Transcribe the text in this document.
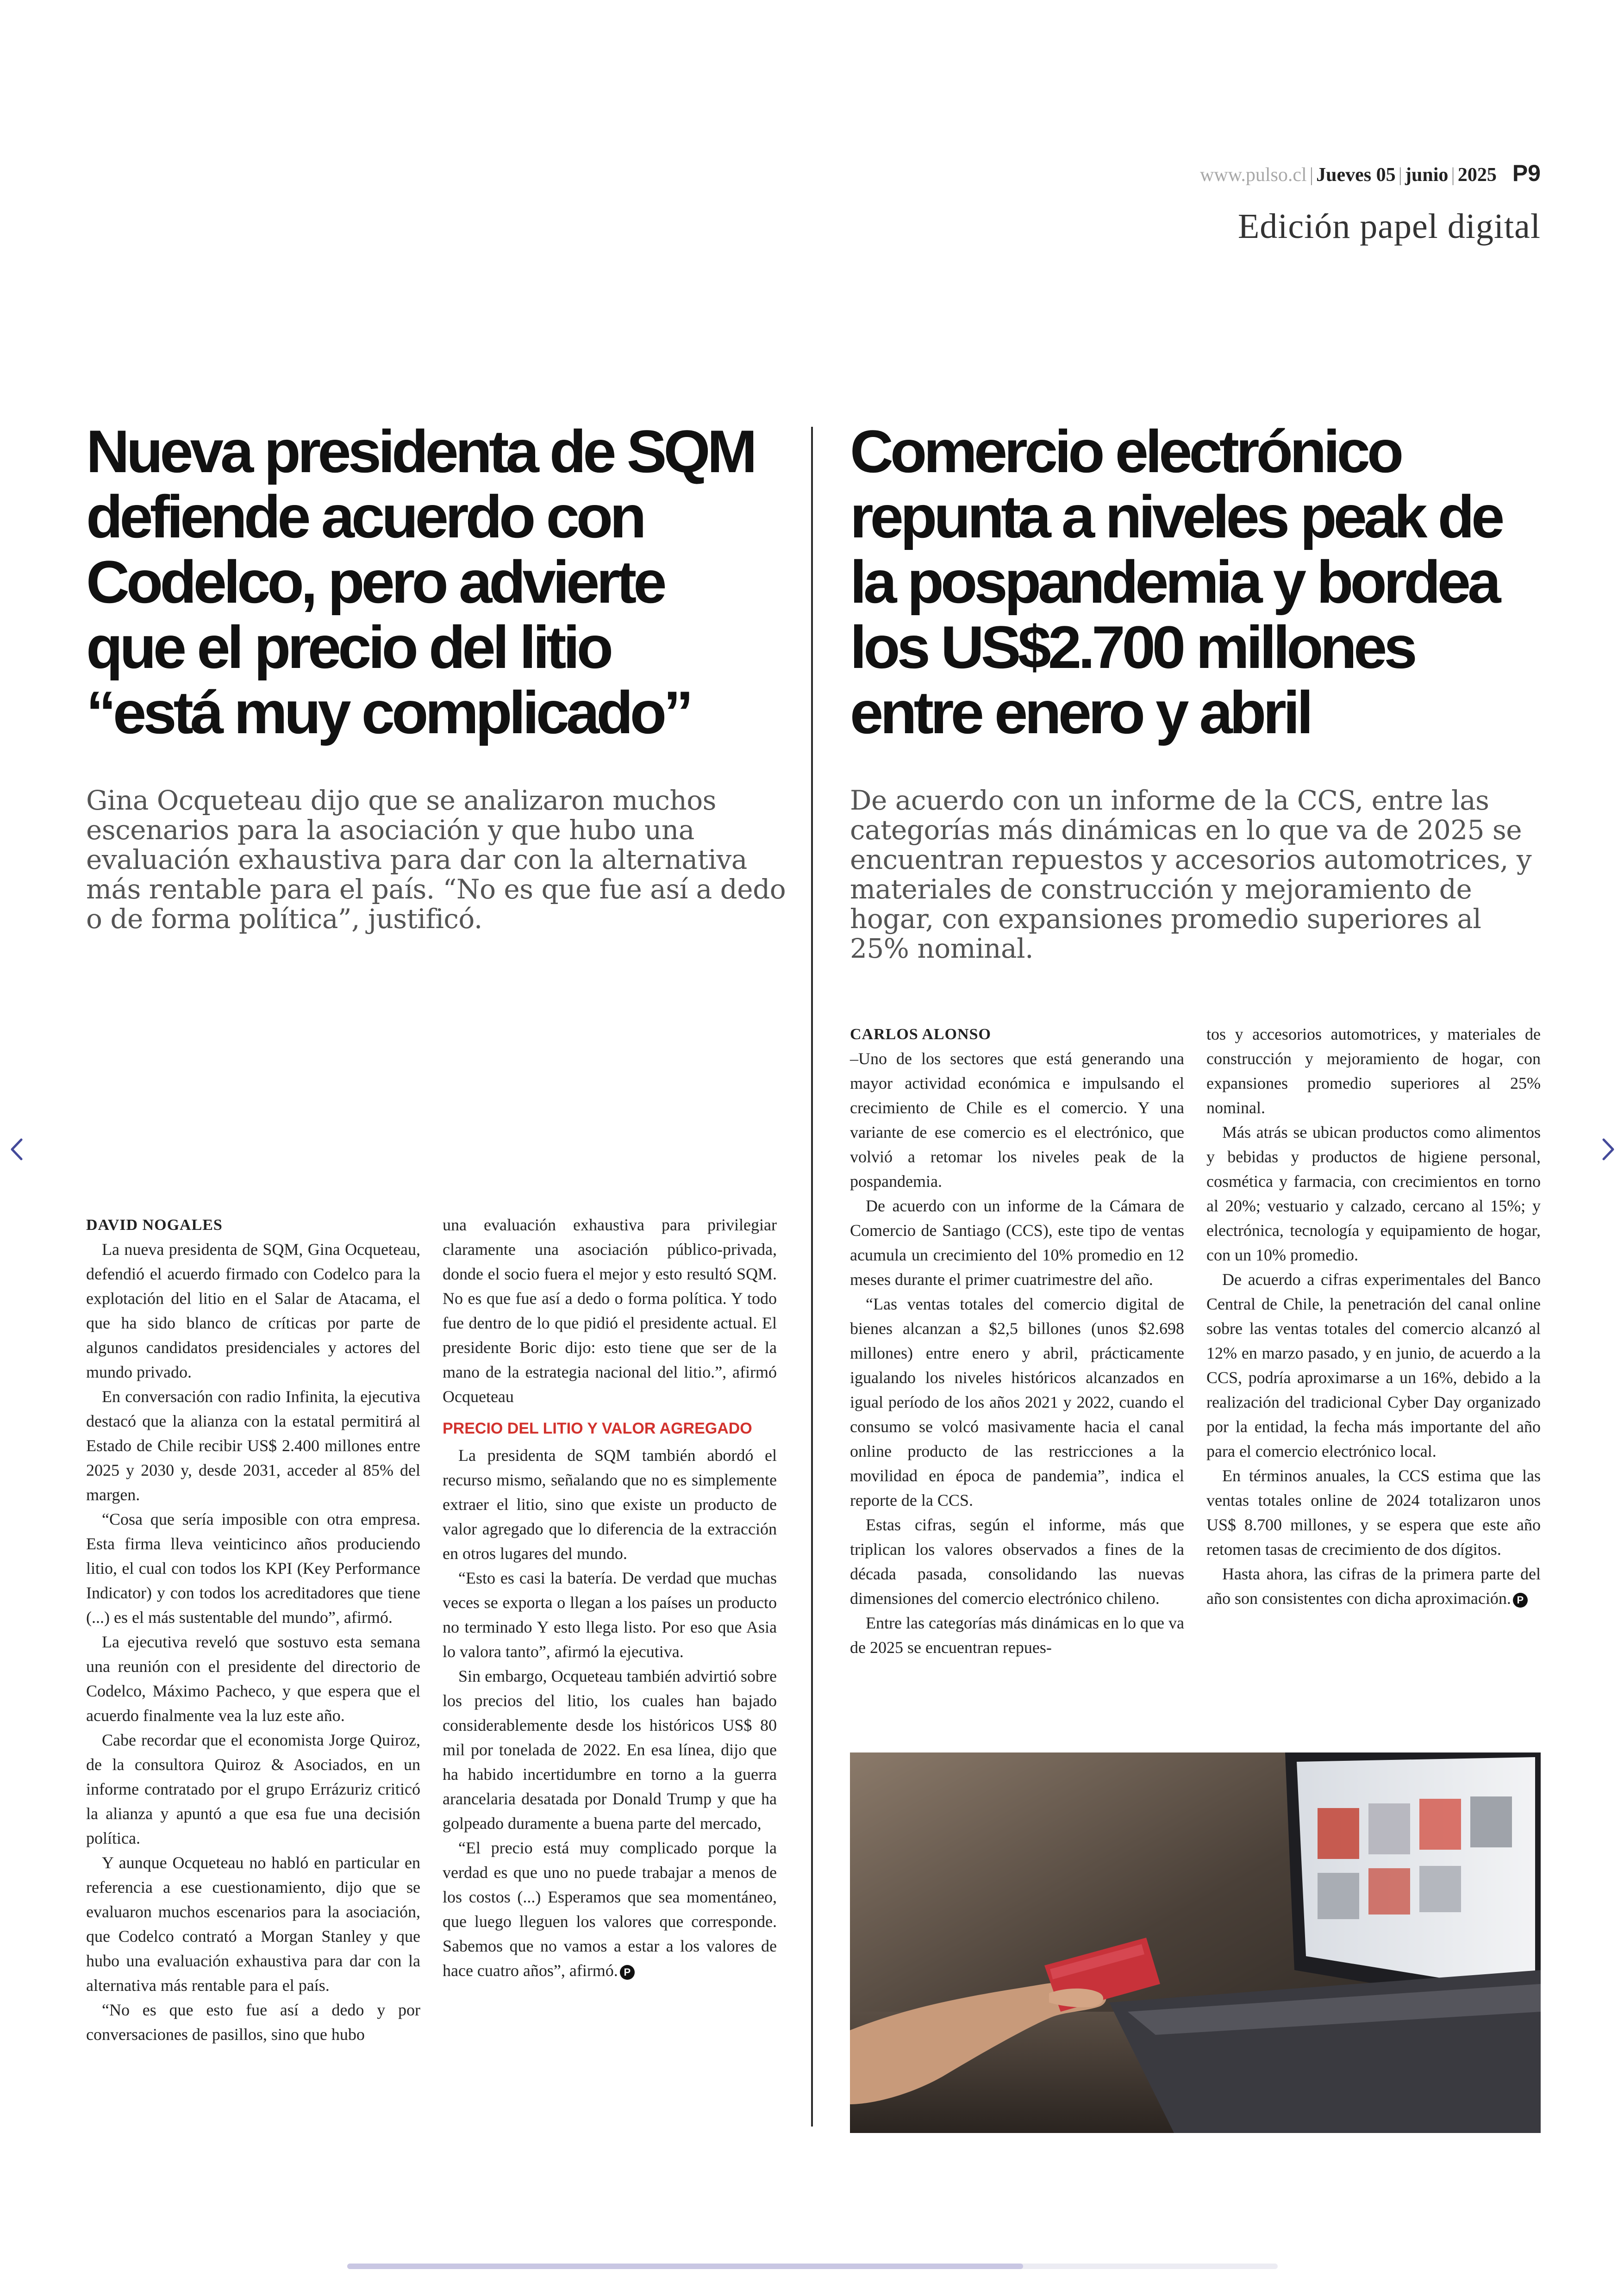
www.pulso.cl | Jueves 05 | junio | 2025 P9
Edición papel digital
Nueva presidenta de SQM
defiende acuerdo con
Codelco, pero advierte
que el precio del litio
“está muy complicado”

Gina Ocqueteau dijo que se analizaron muchos escenarios para la asociación y que hubo una evaluación exhaustiva para dar con la alternativa más rentable para el país. “No es que fue así a dedo o de forma política”, justificó.

Comercio electrónico
repunta a niveles peak de
la pospandemia y bordea
los US$2.700 millones
entre enero y abril

De acuerdo con un informe de la CCS, entre las categorías más dinámicas en lo que va de 2025 se encuentran repuestos y accesorios automotrices, y materiales de construcción y mejoramiento de hogar, con expansiones promedio superiores al 25% nominal.

DAVID NOGALES

La nueva presidenta de SQM, Gina Ocqueteau, defendió el acuerdo firmado con Codelco para la explotación del litio en el Salar de Atacama, el que ha sido blanco de críticas por parte de algunos candidatos presidenciales y actores del mundo privado.

En conversación con radio Infinita, la ejecutiva destacó que la alianza con la estatal permitirá al Estado de Chile recibir US$ 2.400 millones entre 2025 y 2030 y, desde 2031, acceder al 85% del margen.

“Cosa que sería imposible con otra empresa. Esta firma lleva veinticinco años produciendo litio, el cual con todos los KPI (Key Performance Indicator) y con todos los acreditadores que tiene (...) es el más sustentable del mundo”, afirmó.

La ejecutiva reveló que sostuvo esta semana una reunión con el presidente del directorio de Codelco, Máximo Pacheco, y que espera que el acuerdo finalmente vea la luz este año.

Cabe recordar que el economista Jorge Quiroz, de la consultora Quiroz & Asociados, en un informe contratado por el grupo Errázuriz criticó la alianza y apuntó a que esa fue una decisión política.

Y aunque Ocqueteau no habló en particular en referencia a ese cuestionamiento, dijo que se evaluaron muchos escenarios para la asociación, que Codelco contrató a Morgan Stanley y que hubo una evaluación exhaustiva para dar con la alternativa más rentable para el país.

“No es que esto fue así a dedo y por conversaciones de pasillos, sino que hubo

una evaluación exhaustiva para privilegiar claramente una asociación público-privada, donde el socio fuera el mejor y esto resultó SQM. No es que fue así a dedo o forma política. Y todo fue dentro de lo que pidió el presidente actual. El presidente Boric dijo: esto tiene que ser de la mano de la estrategia nacional del litio.”, afirmó Ocqueteau

PRECIO DEL LITIO Y VALOR AGREGADO

La presidenta de SQM también abordó el recurso mismo, señalando que no es simplemente extraer el litio, sino que existe un producto de valor agregado que lo diferencia de la extracción en otros lugares del mundo.

“Esto es casi la batería. De verdad que muchas veces se exporta o llegan a los países un producto no terminado Y esto llega listo. Por eso que Asia lo valora tanto”, afirmó la ejecutiva.

Sin embargo, Ocqueteau también advirtió sobre los precios del litio, los cuales han bajado considerablemente desde los históricos US$ 80 mil por tonelada de 2022. En esa línea, dijo que ha habido incertidumbre en torno a la guerra arancelaria desatada por Donald Trump y que ha golpeado duramente a buena parte del mercado,

“El precio está muy complicado porque la verdad es que uno no puede trabajar a menos de los costos (...) Esperamos que sea momentáneo, que luego lleguen los valores que corresponde. Sabemos que no vamos a estar a los valores de hace cuatro años”, afirmó. P

CARLOS ALONSO

–Uno de los sectores que está generando una mayor actividad económica e impulsando el crecimiento de Chile es el comercio. Y una variante de ese comercio es el electrónico, que volvió a retomar los niveles peak de la pospandemia.

De acuerdo con un informe de la Cámara de Comercio de Santiago (CCS), este tipo de ventas acumula un crecimiento del 10% promedio en 12 meses durante el primer cuatrimestre del año.

“Las ventas totales del comercio digital de bienes alcanzan a $2,5 billones (unos $2.698 millones) entre enero y abril, prácticamente igualando los niveles históricos alcanzados en igual período de los años 2021 y 2022, cuando el consumo se volcó masivamente hacia el canal online producto de las restricciones a la movilidad en época de pandemia”, indica el reporte de la CCS.

Estas cifras, según el informe, más que triplican los valores observados a fines de la década pasada, consolidando las nuevas dimensiones del comercio electrónico chileno.

Entre las categorías más dinámicas en lo que va de 2025 se encuentran repues-

tos y accesorios automotrices, y materiales de construcción y mejoramiento de hogar, con expansiones promedio superiores al 25% nominal.

Más atrás se ubican productos como alimentos y bebidas y productos de higiene personal, cosmética y farmacia, con crecimientos en torno al 20%; vestuario y calzado, cercano al 15%; y electrónica, tecnología y equipamiento de hogar, con un 10% promedio.

De acuerdo a cifras experimentales del Banco Central de Chile, la penetración del canal online sobre las ventas totales del comercio alcanzó al 12% en marzo pasado, y en junio, de acuerdo a la CCS, podría aproximarse a un 16%, debido a la realización del tradicional Cyber Day organizado por la entidad, la fecha más importante del año para el comercio electrónico local.

En términos anuales, la CCS estima que las ventas totales online de 2024 totalizaron unos US$ 8.700 millones, y se espera que este año retomen tasas de crecimiento de dos dígitos.

Hasta ahora, las cifras de la primera parte del año son consistentes con dicha aproximación. P
